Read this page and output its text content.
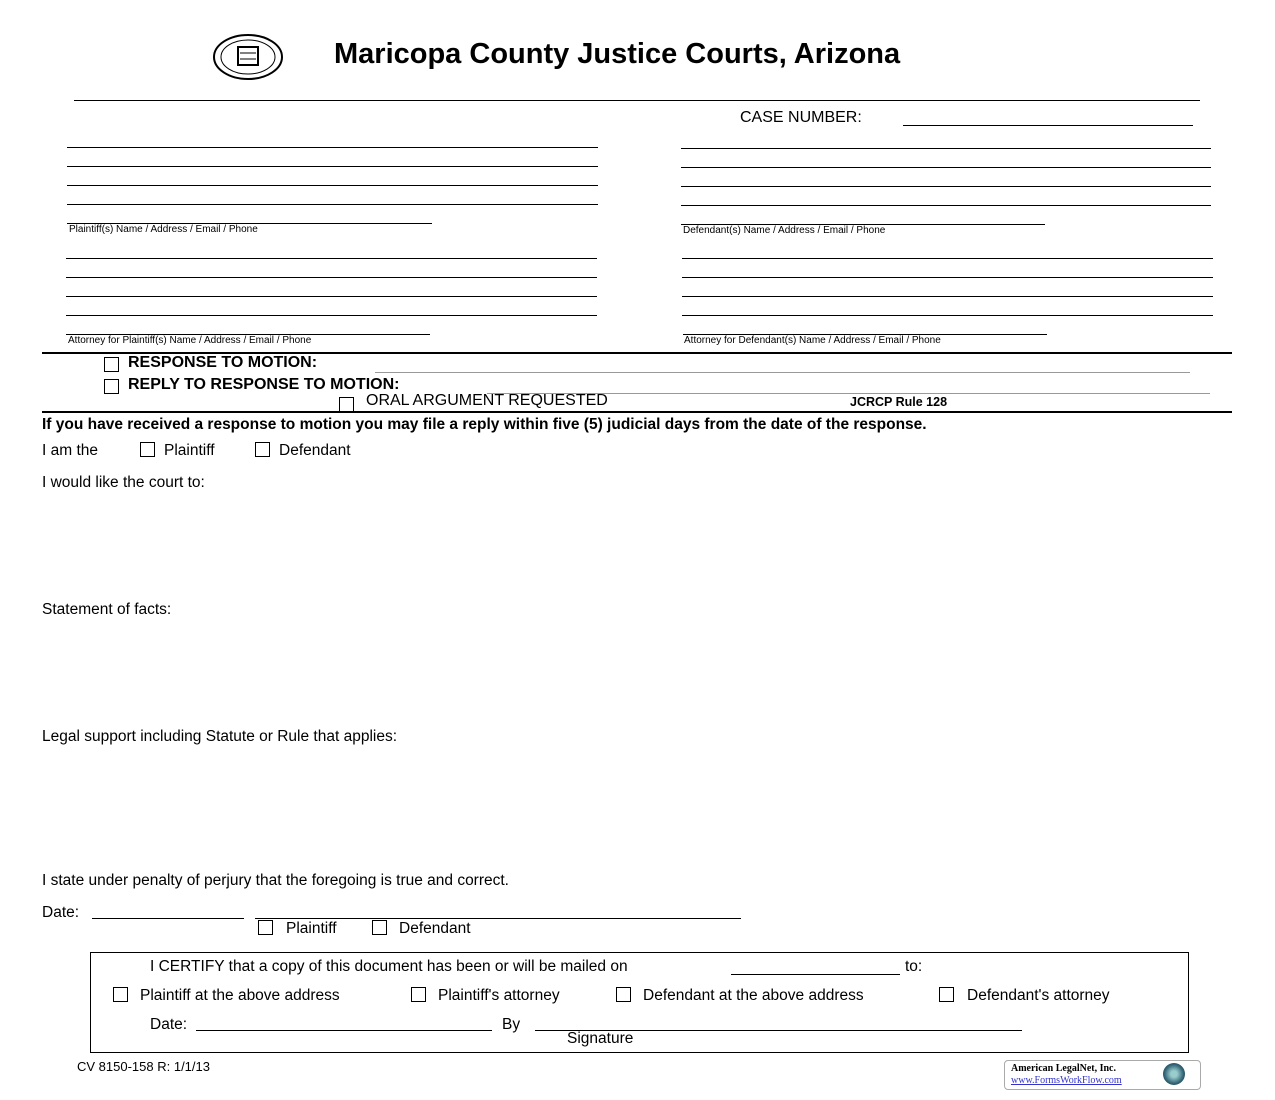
Maricopa County Justice Courts, Arizona
CASE NUMBER:
Plaintiff(s) Name / Address / Email / Phone	Defendant(s) Name / Address / Email / Phone
Attorney for Plaintiff(s) Name / Address / Email / Phone	Attorney for Defendant(s) Name / Address / Email / Phone
RESPONSE TO MOTION:
REPLY TO RESPONSE TO MOTION:
ORAL ARGUMENT REQUESTED	JCRCP Rule 128
If you have received a response to motion you may file a reply within five (5) judicial days from the date of the response.
I am the	Plaintiff	Defendant
I would like the court to:
Statement of facts:
Legal support including Statute or Rule that applies:
I state under penalty of perjury that the foregoing is true and correct.
Date:
Plaintiff	Defendant
I CERTIFY that a copy of this document has been or will be mailed on	to:
Plaintiff at the above address	Plaintiff's attorney	Defendant at the above address	Defendant's attorney
Date:	By
Signature
CV 8150-158 R: 1/1/13	American LegalNet, Inc.
www.FormsWorkFlow.com
